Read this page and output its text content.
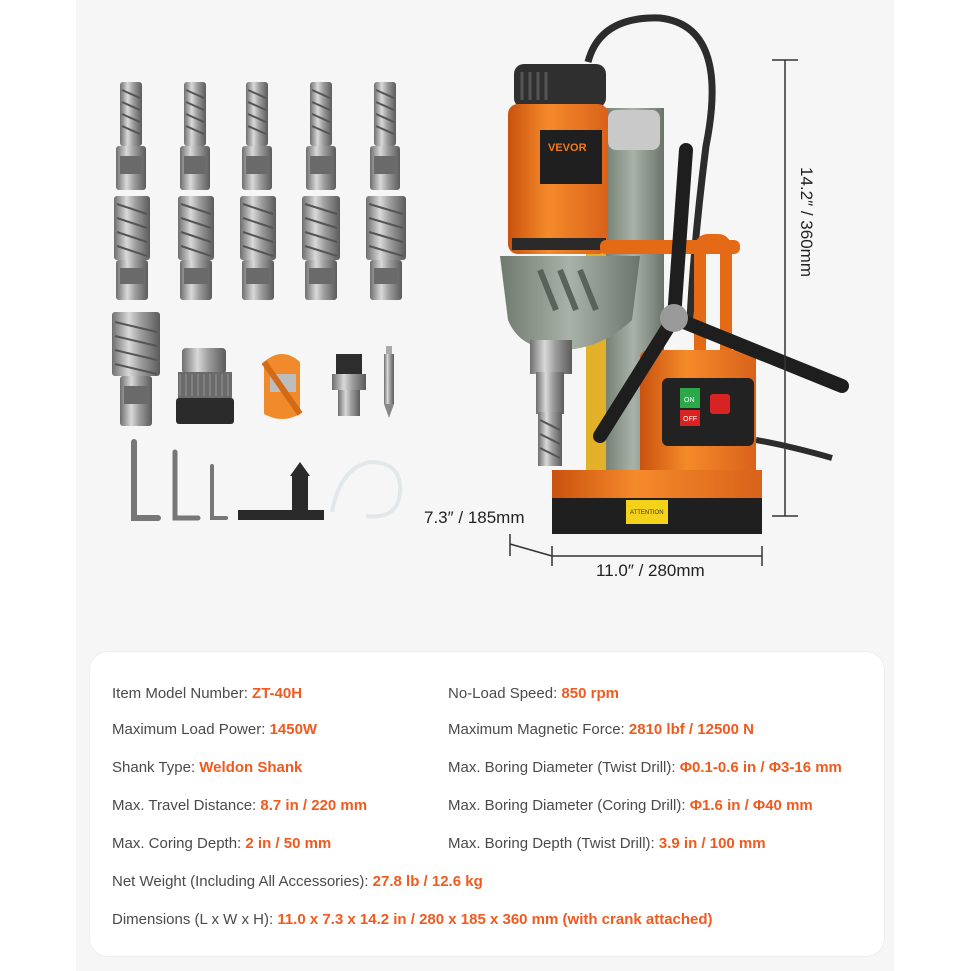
VEVOR
ON
OFF
ATTENTION
14.2″ / 360mm
7.3″ / 185mm
11.0″ / 280mm
Item Model Number: ZT-40H
Maximum Load Power: 1450W
Shank Type: Weldon Shank
Max. Travel Distance: 8.7 in / 220 mm
Max. Coring Depth: 2 in / 50 mm
Net Weight (Including All Accessories): 27.8 lb / 12.6 kg
Dimensions (L x W x H): 11.0 x 7.3 x 14.2 in / 280 x 185 x 360 mm (with crank attached)
No-Load Speed: 850 rpm
Maximum Magnetic Force: 2810 lbf / 12500 N
Max. Boring Diameter (Twist Drill): Φ0.1-0.6 in / Φ3-16 mm
Max. Boring Diameter (Coring Drill): Φ1.6 in / Φ40 mm
Max. Boring Depth (Twist Drill): 3.9 in / 100 mm
